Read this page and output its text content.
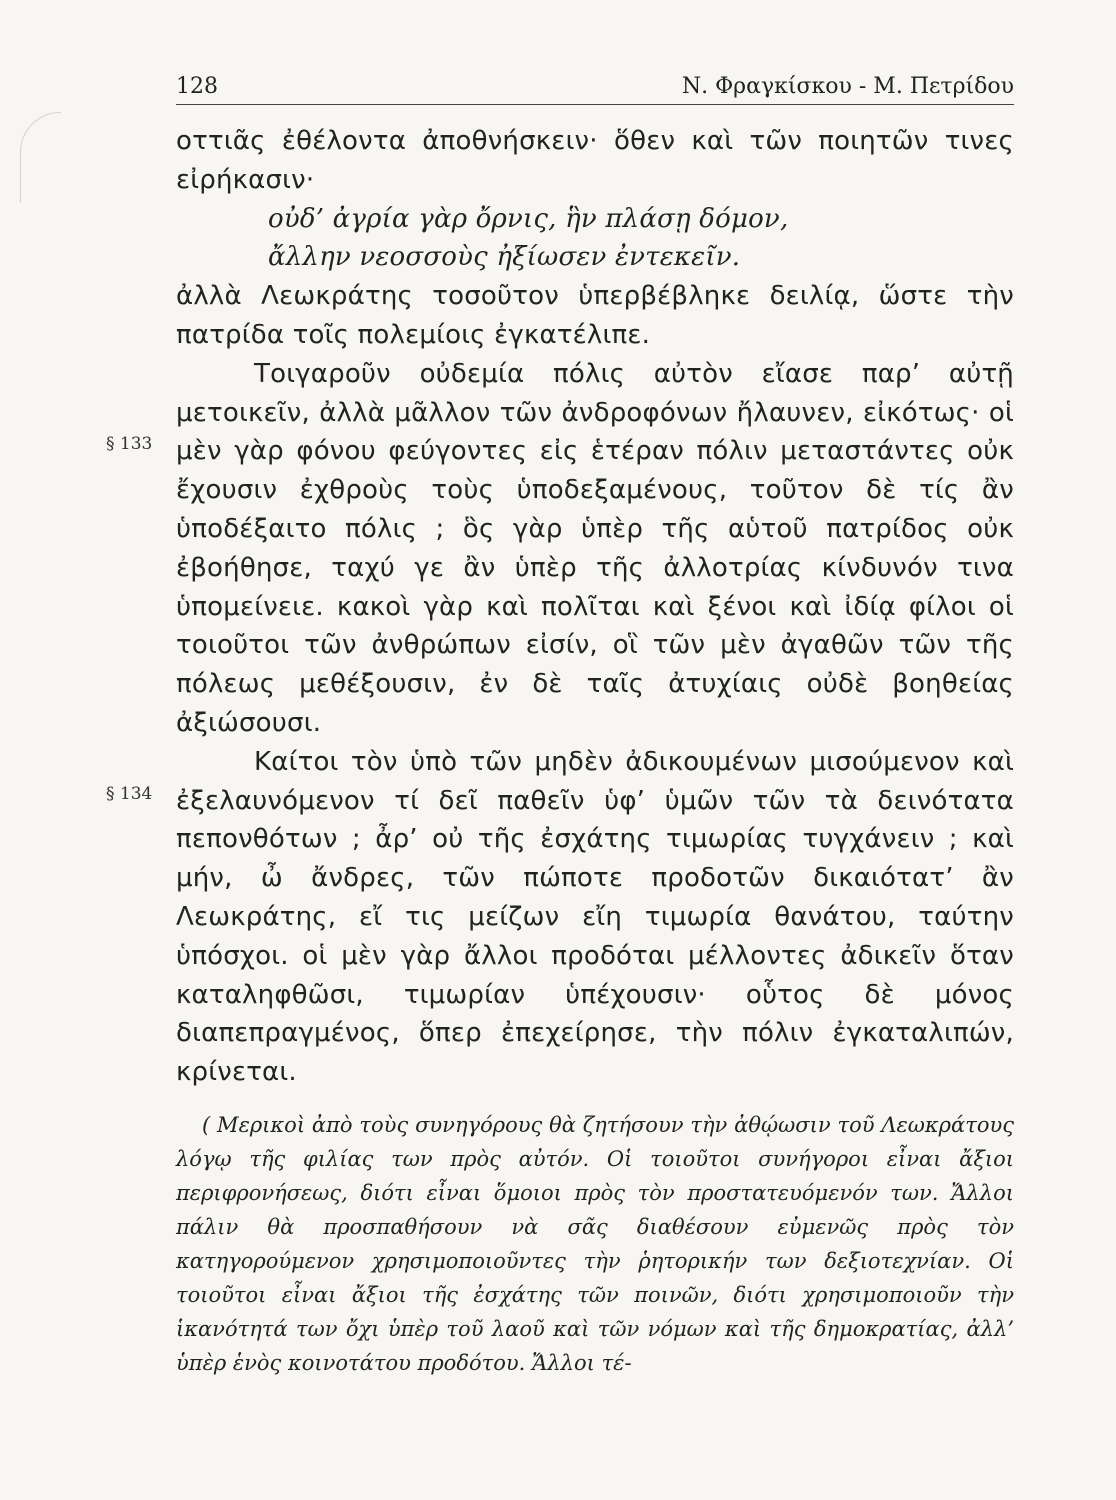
128	Ν. Φραγκίσκου - Μ. Πετρίδου
§ 133
§ 134

οττιᾶς ἐθέλοντα ἀποθνήσκειν· ὅθεν καὶ τῶν ποιητῶν τινες εἰρήκασιν·

οὐδ’ ἀγρία γὰρ ὄρνις, ἣν πλάσῃ δόμον,

ἄλλην νεοσσοὺς ἠξίωσεν ἐντεκεῖν.

ἀλλὰ Λεωκράτης τοσοῦτον ὑπερβέβληκε δειλίᾳ, ὥστε τὴν πατρίδα τοῖς πολεμίοις ἐγκατέλιπε.

Τοιγαροῦν οὐδεμία πόλις αὐτὸν εἴασε παρ’ αὐτῇ μετοικεῖν, ἀλλὰ μᾶλλον τῶν ἀνδροφόνων ἤλαυνεν, εἰκότως· οἱ μὲν γὰρ φόνου φεύγοντες εἰς ἑτέραν πόλιν μεταστάντες οὐκ ἔχουσιν ἐχθροὺς τοὺς ὑποδεξαμένους, τοῦτον δὲ τίς ἂν ὑποδέξαιτο πόλις ; ὃς γὰρ ὑπὲρ τῆς αὑτοῦ πατρίδος οὐκ ἐβοήθησε, ταχύ γε ἂν ὑπὲρ τῆς ἀλλοτρίας κίνδυνόν τινα ὑπομείνειε. κακοὶ γὰρ καὶ πολῖται καὶ ξένοι καὶ ἰδίᾳ φίλοι οἱ τοιοῦτοι τῶν ἀνθρώπων εἰσίν, οἳ τῶν μὲν ἀγαθῶν τῶν τῆς πόλεως μεθέξουσιν, ἐν δὲ ταῖς ἀτυχίαις οὐδὲ βοηθείας ἀξιώσουσι.

Καίτοι τὸν ὑπὸ τῶν μηδὲν ἀδικουμένων μισούμενον καὶ ἐξελαυνόμενον τί δεῖ παθεῖν ὑφ’ ὑμῶν τῶν τὰ δεινότατα πεπονθότων ; ἆρ’ οὐ τῆς ἐσχάτης τιμωρίας τυγχάνειν ; καὶ μήν, ὦ ἄνδρες, τῶν πώποτε προδοτῶν δικαιότατ’ ἂν Λεωκράτης, εἴ τις μείζων εἴη τιμωρία θανάτου, ταύτην ὑπόσχοι. οἱ μὲν γὰρ ἄλλοι προδόται μέλλοντες ἀδικεῖν ὅταν καταληφθῶσι, τιμωρίαν ὑπέχουσιν· οὗτος δὲ μόνος διαπεπραγμένος, ὅπερ ἐπεχείρησε, τὴν πόλιν ἐγκαταλιπών, κρίνεται.

( Μερικοὶ ἀπὸ τοὺς συνηγόρους θὰ ζητήσουν τὴν ἀθῴωσιν τοῦ Λεωκράτους λόγῳ τῆς φιλίας των πρὸς αὐτόν. Οἱ τοιοῦτοι συνήγοροι εἶναι ἄξιοι περιφρονήσεως, διότι εἶναι ὅμοιοι πρὸς τὸν προστατευόμενόν των. Ἄλλοι πάλιν θὰ προσπαθήσουν νὰ σᾶς διαθέσουν εὐμενῶς πρὸς τὸν κατηγορούμενον χρησιμοποιοῦντες τὴν ῥητορικήν των δεξιοτεχνίαν. Οἱ τοιοῦτοι εἶναι ἄξιοι τῆς ἐσχάτης τῶν ποινῶν, διότι χρησιμοποιοῦν τὴν ἱκανότητά των ὄχι ὑπὲρ τοῦ λαοῦ καὶ τῶν νόμων καὶ τῆς δημοκρατίας, ἀλλ’ ὑπὲρ ἑνὸς κοινοτάτου προδότου. Ἄλλοι τέ-
